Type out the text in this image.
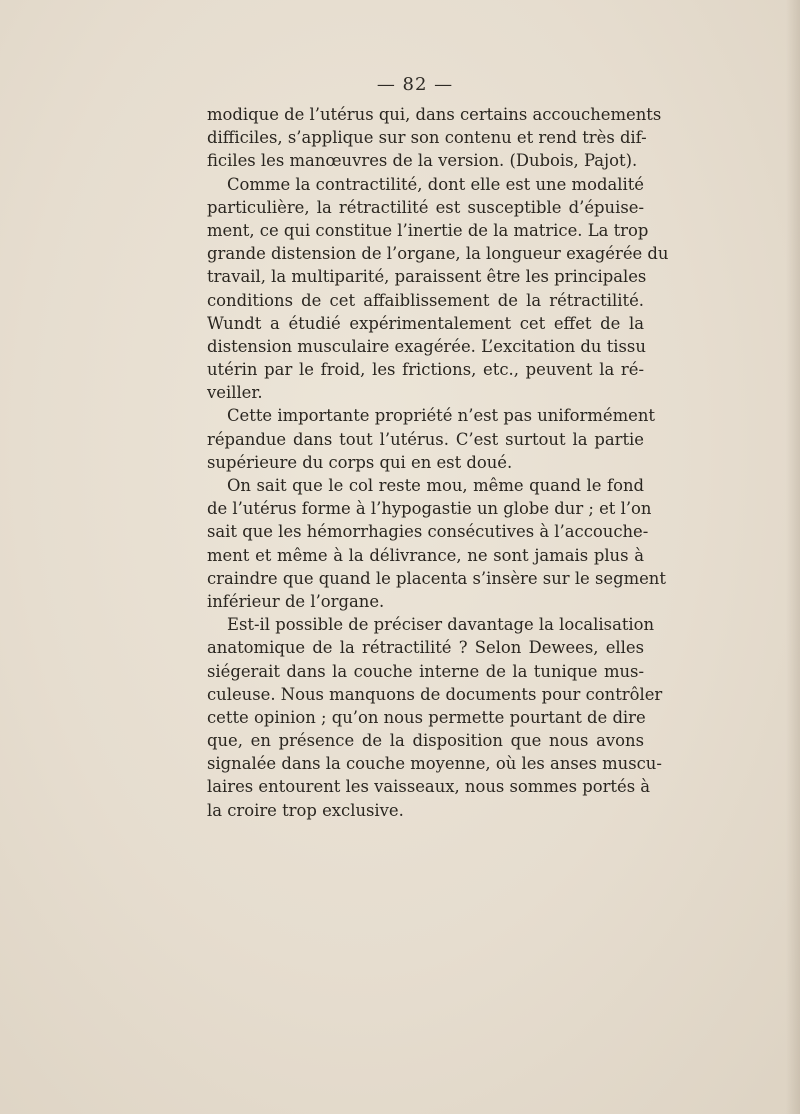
— 82 —
modique de l’utérus qui, dans certains accouchements
difficiles, s’applique sur son contenu et rend très dif-
ficiles les manœuvres de la version. (Dubois, Pajot).
Comme la contractilité, dont elle est une modalité
particulière, la rétractilité est susceptible d’épuise-
ment, ce qui constitue l’inertie de la matrice. La trop
grande distension de l’organe, la longueur exagérée du
travail, la multiparité, paraissent être les principales
conditions de cet affaiblissement de la rétractilité.
Wundt a étudié expérimentalement cet effet de la
distension musculaire exagérée. L’excitation du tissu
utérin par le froid, les frictions, etc., peuvent la ré-
veiller.
Cette importante propriété n’est pas uniformément
répandue dans tout l’utérus. C’est surtout la partie
supérieure du corps qui en est doué.
On sait que le col reste mou, même quand le fond
de l’utérus forme à l’hypogastie un globe dur ; et l’on
sait que les hémorrhagies consécutives à l’accouche-
ment et même à la délivrance, ne sont jamais plus à
craindre que quand le placenta s’insère sur le segment
inférieur de l’organe.
Est-il possible de préciser davantage la localisation
anatomique de la rétractilité ? Selon Dewees, elles
siégerait dans la couche interne de la tunique mus-
culeuse. Nous manquons de documents pour contrôler
cette opinion ; qu’on nous permette pourtant de dire
que, en présence de la disposition que nous avons
signalée dans la couche moyenne, où les anses muscu-
laires entourent les vaisseaux, nous sommes portés à
la croire trop exclusive.
